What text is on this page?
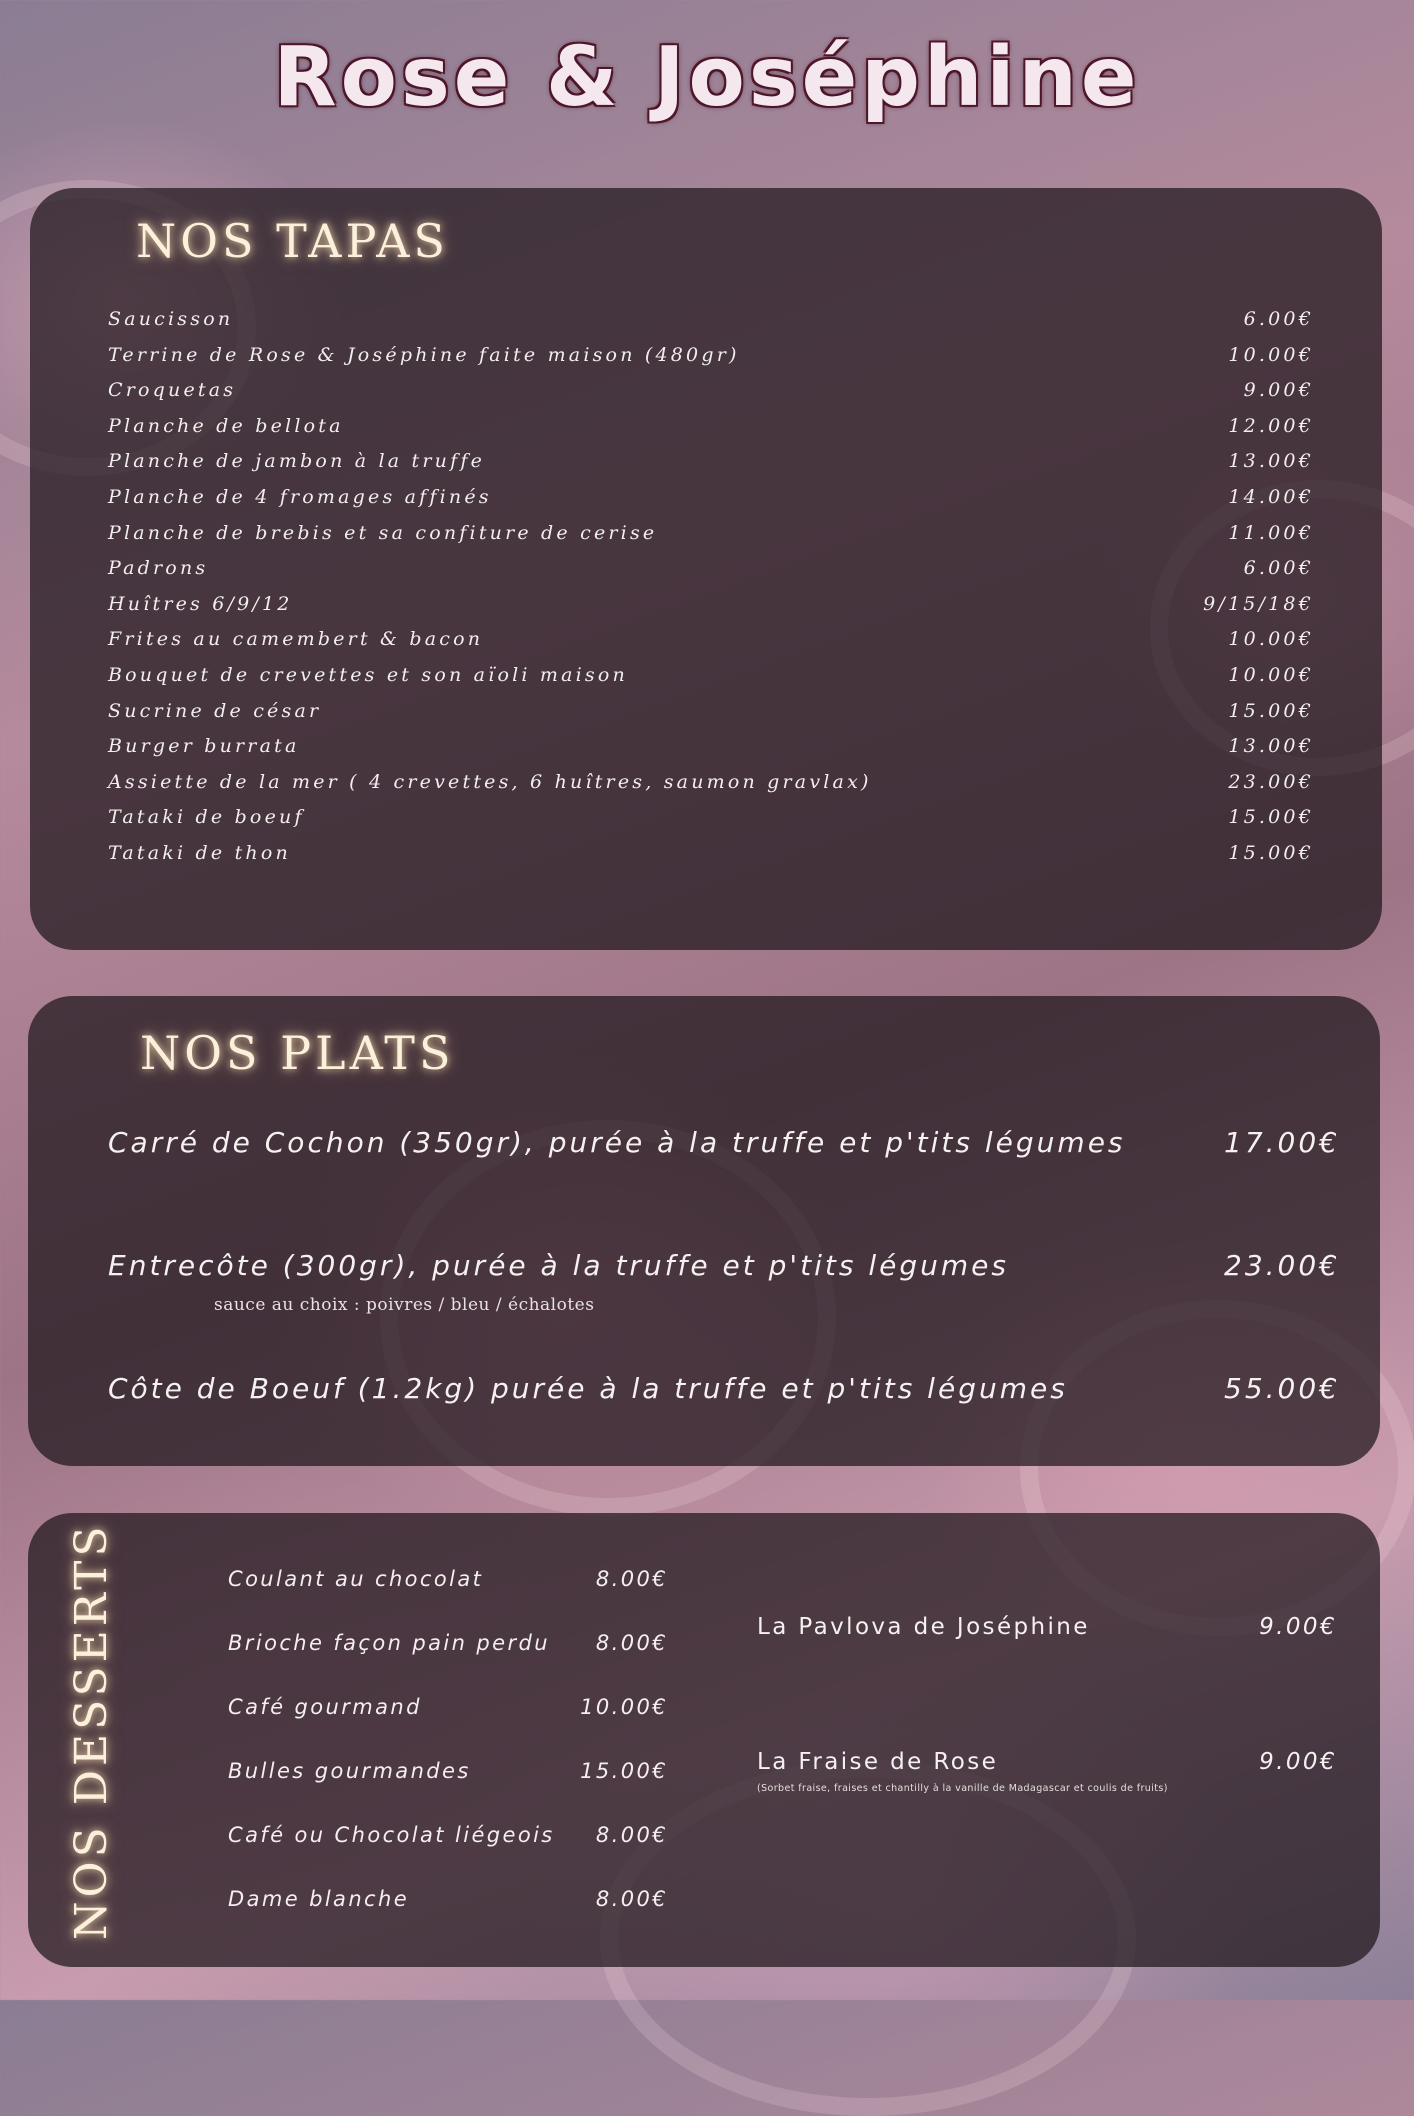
Rose & Joséphine
NOS TAPAS
Saucisson	6.00€
Terrine de Rose & Joséphine faite maison (480gr)	10.00€
Croquetas	9.00€
Planche de bellota	12.00€
Planche de jambon à la truffe	13.00€
Planche de 4 fromages affinés	14.00€
Planche de brebis et sa confiture de cerise	11.00€
Padrons	6.00€
Huîtres 6/9/12	9/15/18€
Frites au camembert & bacon	10.00€
Bouquet de crevettes et son aïoli maison	10.00€
Sucrine de césar	15.00€
Burger burrata	13.00€
Assiette de la mer ( 4 crevettes, 6 huîtres, saumon gravlax)	23.00€
Tataki de boeuf	15.00€
Tataki de thon	15.00€
NOS PLATS
Carré de Cochon (350gr), purée à la truffe et p'tits légumes	17.00€
Entrecôte (300gr), purée à la truffe et p'tits légumes	23.00€
sauce au choix : poivres / bleu / échalotes
Côte de Boeuf (1.2kg) purée à la truffe et p'tits légumes	55.00€
Coulant au chocolat	8.00€
Brioche façon pain perdu 8.00€
Café gourmand	10.00€
Bulles gourmandes	15.00€
Café ou Chocolat liégeois 8.00€
Dame blanche	8.00€
La Pavlova de Joséphine	9.00€
La Fraise de Rose	9.00€
(Sorbet fraise, fraises et chantilly à la vanille de Madagascar et coulis de fruits)
NOS DESSERTS
